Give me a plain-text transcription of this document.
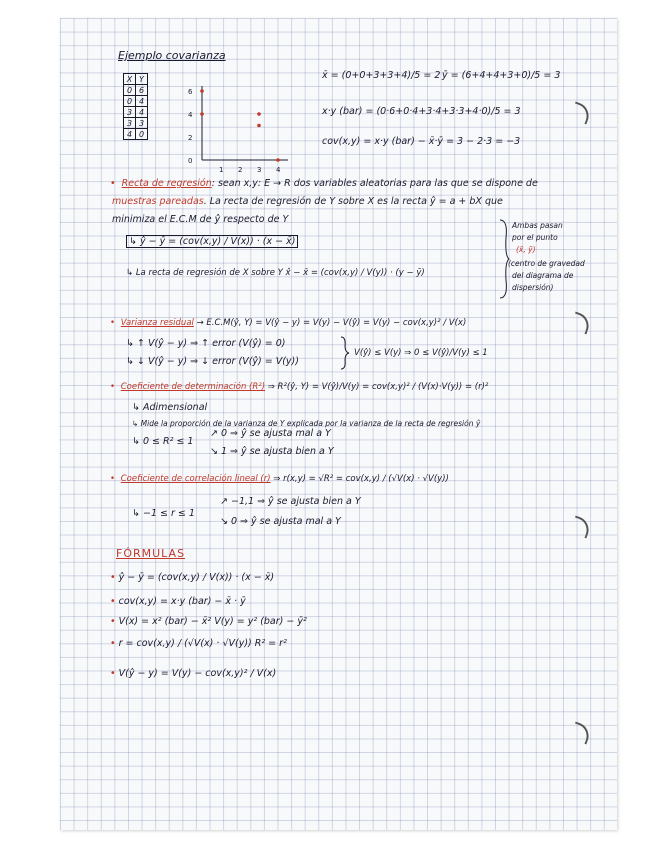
Ejemplo covarianza
X	Y
0	6
0	4
3	4
3	3
4	0
6
4
2
0
1 2 3 4
x̄ = (0+0+3+3+4)/5 = 2 ȳ = (6+4+4+3+0)/5 = 3
x·y (bar) = (0·6+0·4+3·4+3·3+4·0)/5 = 3
cov(x,y) = x·y (bar) − x̄·ȳ = 3 − 2·3 = −3
• Recta de regresión: sean x,y: E → R dos variables aleatorias para las que se dispone de
muestras pareadas. La recta de regresión de Y sobre X es la recta ŷ = a + bX que
minimiza el E.C.M de ŷ respecto de Y
↳ ŷ − ȳ = (cov(x,y) / V(x)) · (x − x̄)
↳ La recta de regresión de X sobre Y x̂ − x̄ = (cov(x,y) / V(y)) · (y − ȳ)
Ambas pasan
por el punto
(x̄, ȳ)
(centro de gravedad
del diagrama de
dispersión)
• Varianza residual → E.C.M(ŷ, Y) = V(ŷ − y) = V(y) − V(ŷ) = V(y) − cov(x,y)² / V(x)
↳ ↑ V(ŷ − y) ⇒ ↑ error (V(ŷ) = 0)
↳ ↓ V(ŷ − y) ⇒ ↓ error (V(ŷ) = V(y))
V(ŷ) ≤ V(y) ⇒ 0 ≤ V(ŷ)/V(y) ≤ 1
• Coeficiente de determinación (R²) ⇒ R²(ŷ, Y) = V(ŷ)/V(y) = cov(x,y)² / (V(x)·V(y)) = (r)²
↳ Adimensional
↳ Mide la proporción de la varianza de Y explicada por la varianza de la recta de regresión ŷ
↳ 0 ≤ R² ≤ 1
↗ 0 ⇒ ŷ se ajusta mal a Y
↘ 1 ⇒ ŷ se ajusta bien a Y
• Coeficiente de correlación lineal (r) ⇒ r(x,y) = √R² = cov(x,y) / (√V(x) · √V(y))
↳ −1 ≤ r ≤ 1
↗ −1,1 ⇒ ŷ se ajusta bien a Y
↘ 0 ⇒ ŷ se ajusta mal a Y
FÓRMULAS
• ŷ − ȳ = (cov(x,y) / V(x)) · (x − x̄)
• cov(x,y) = x·y (bar) − x̄ · ȳ
• V(x) = x² (bar) − x̄² V(y) = y² (bar) − ȳ²
• r = cov(x,y) / (√V(x) · √V(y)) R² = r²
• V(ŷ − y) = V(y) − cov(x,y)² / V(x)
